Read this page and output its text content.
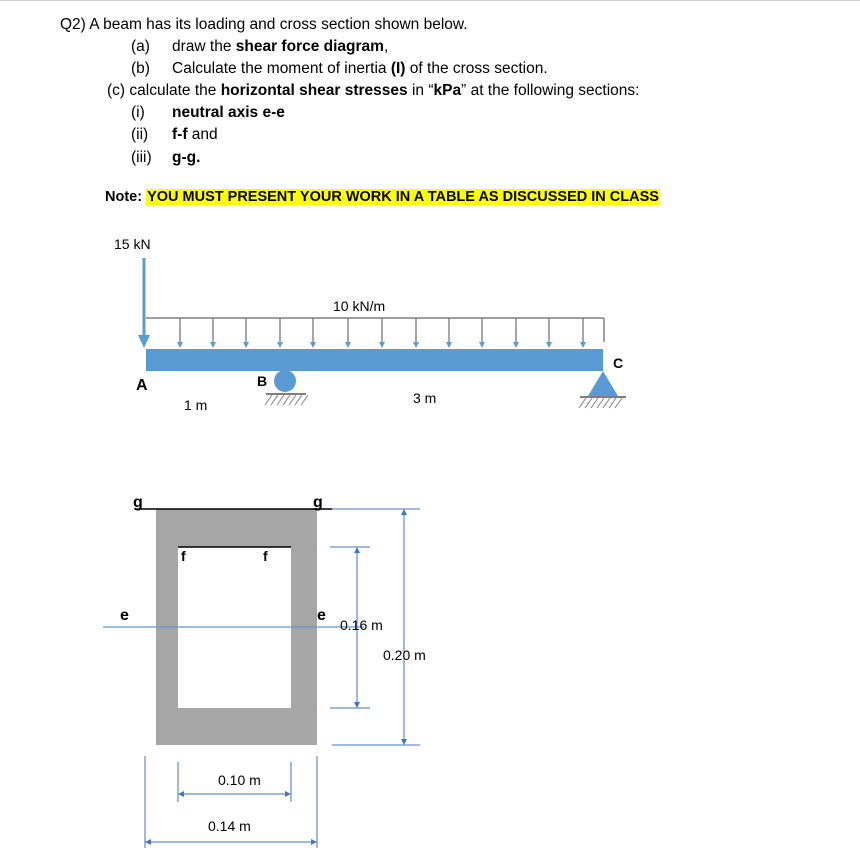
Q2) A beam has its loading and cross section shown below.
(a) draw the shear force diagram,
(b) Calculate the moment of inertia (I) of the cross section.
(c) calculate the horizontal shear stresses in “kPa” at the following sections:
(i) neutral axis e-e
(ii) f-f and
(iii) g-g.
Note: YOU MUST PRESENT YOUR WORK IN A TABLE AS DISCUSSED IN CLASS
15 kN
10 kN/m
A	B
C
1 m	3 m
g	g
f	f
e	e
0.16 m
0.20 m
0.10 m
0.14 m
